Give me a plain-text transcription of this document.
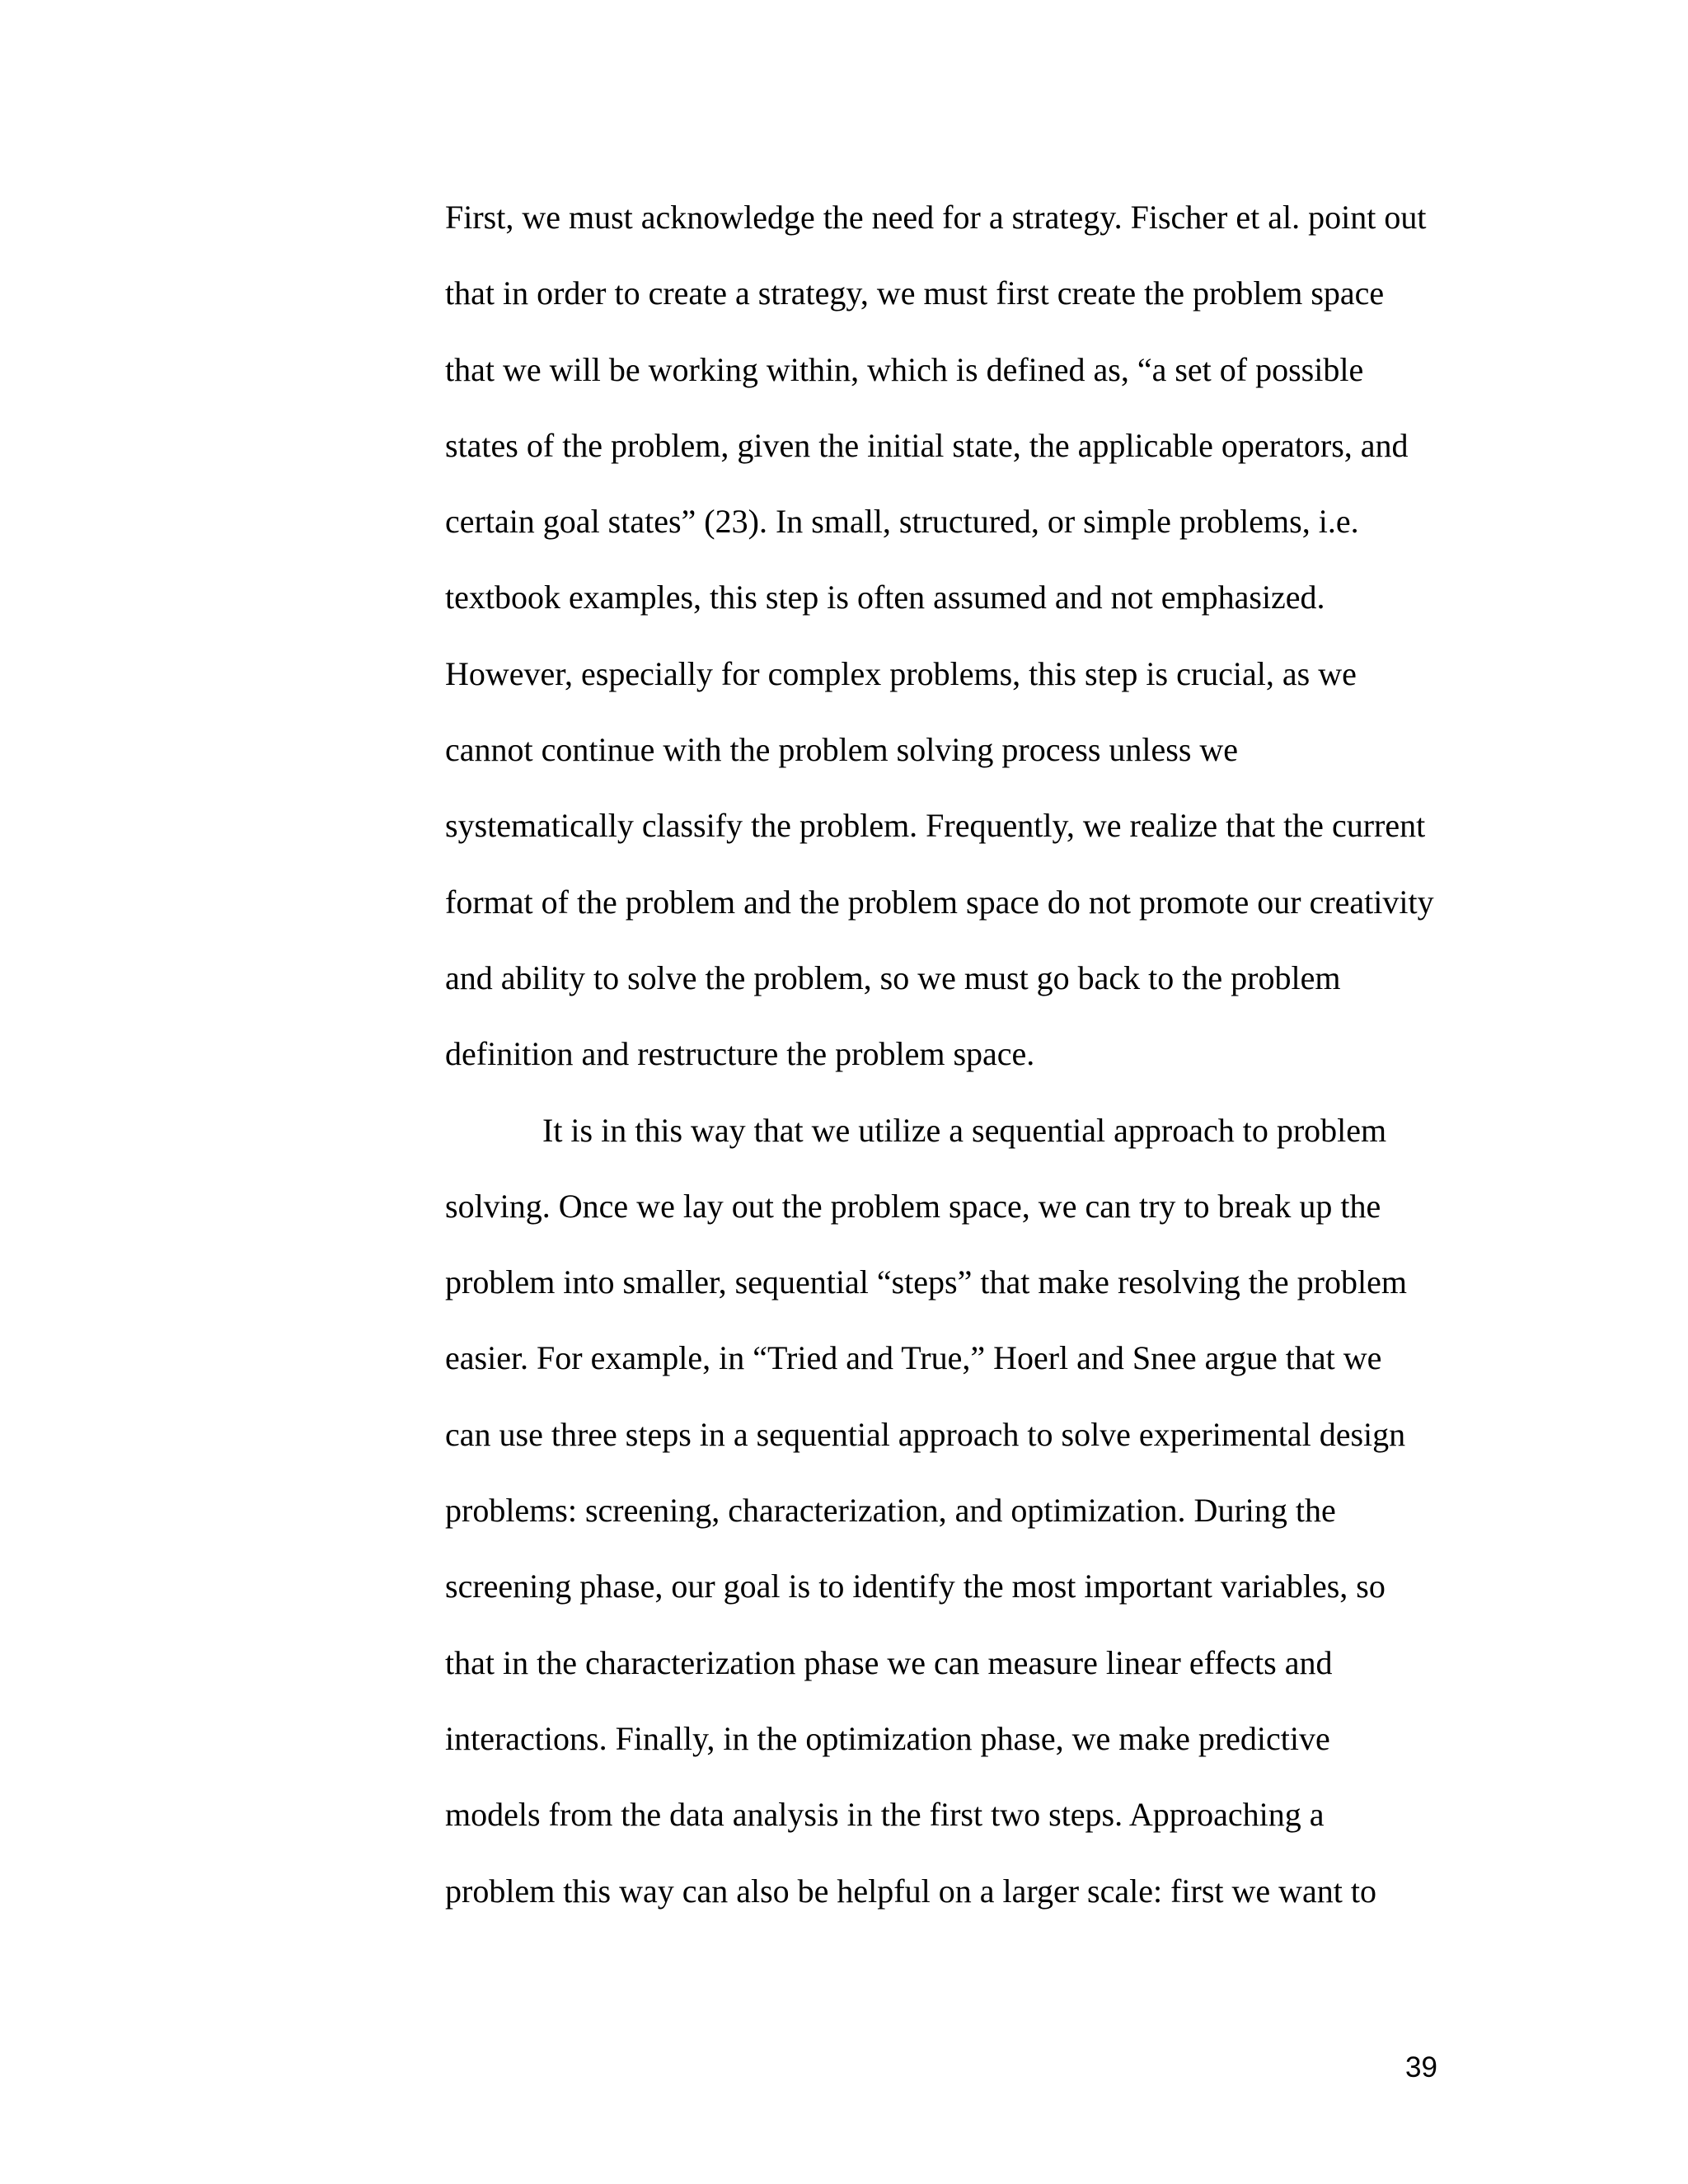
First, we must acknowledge the need for a strategy. Fischer et al. point out
that in order to create a strategy, we must first create the problem space
that we will be working within, which is defined as, “a set of possible
states of the problem, given the initial state, the applicable operators, and
certain goal states” (23). In small, structured, or simple problems, i.e.
textbook examples, this step is often assumed and not emphasized.
However, especially for complex problems, this step is crucial, as we
cannot continue with the problem solving process unless we
systematically classify the problem. Frequently, we realize that the current
format of the problem and the problem space do not promote our creativity
and ability to solve the problem, so we must go back to the problem
definition and restructure the problem space.
It is in this way that we utilize a sequential approach to problem
solving. Once we lay out the problem space, we can try to break up the
problem into smaller, sequential “steps” that make resolving the problem
easier. For example, in “Tried and True,” Hoerl and Snee argue that we
can use three steps in a sequential approach to solve experimental design
problems: screening, characterization, and optimization. During the
screening phase, our goal is to identify the most important variables, so
that in the characterization phase we can measure linear effects and
interactions. Finally, in the optimization phase, we make predictive
models from the data analysis in the first two steps. Approaching a
problem this way can also be helpful on a larger scale: first we want to
39
